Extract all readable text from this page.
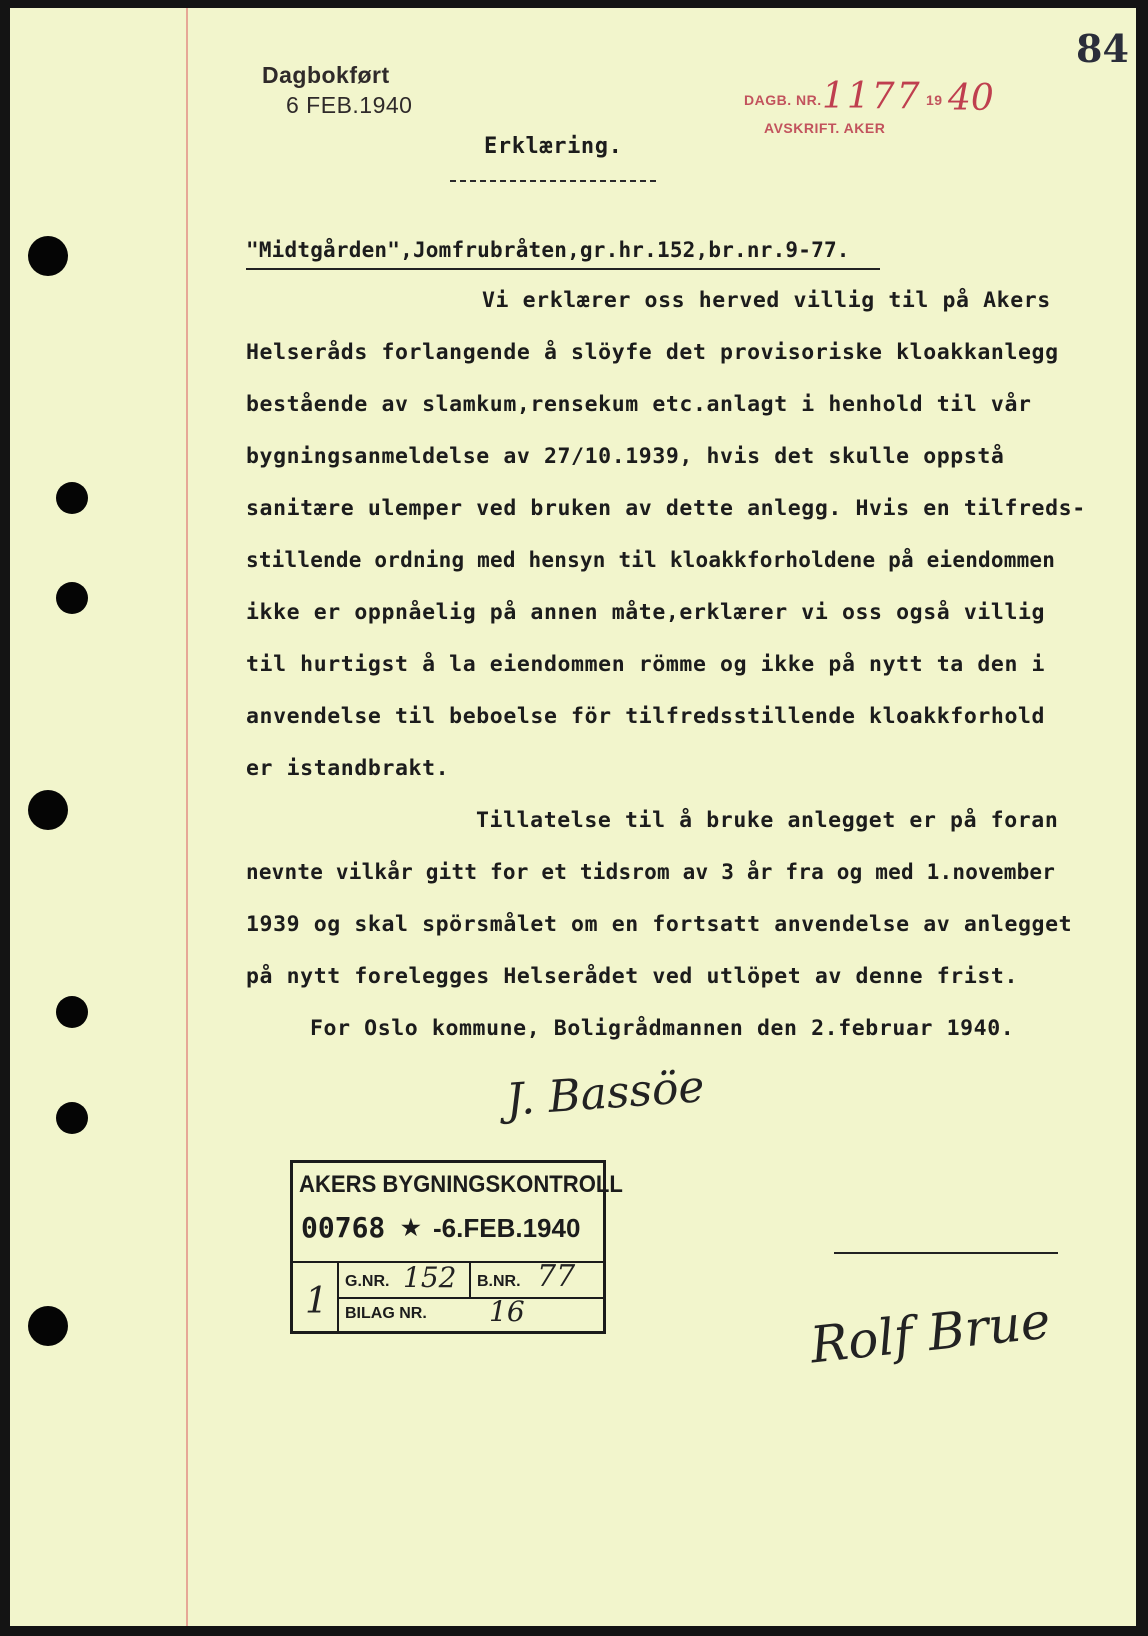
84
Dagbokført
6 FEB.1940	DAGB. NR. 1177 19 40
AVSKRIFT. AKER
Erklæring.
"Midtgården",Jomfrubråten,gr.hr.152,br.nr.9-77.
Vi erklærer oss herved villig til på Akers
Helseråds forlangende å slöyfe det provisoriske kloakkanlegg
bestående av slamkum,rensekum etc.anlagt i henhold til vår
bygningsanmeldelse av 27/10.1939, hvis det skulle oppstå
sanitære ulemper ved bruken av dette anlegg. Hvis en tilfreds-
stillende ordning med hensyn til kloakkforholdene på eiendommen
ikke er oppnåelig på annen måte,erklærer vi oss også villig
til hurtigst å la eiendommen römme og ikke på nytt ta den i
anvendelse til beboelse för tilfredsstillende kloakkforhold
er istandbrakt.
Tillatelse til å bruke anlegget er på foran
nevnte vilkår gitt for et tidsrom av 3 år fra og med 1.november
1939 og skal spörsmålet om en fortsatt anvendelse av anlegget
på nytt forelegges Helserådet ved utlöpet av denne frist.
For Oslo kommune, Boligrådmannen den 2.februar 1940.
J. Bassöe
AKERS BYGNINGSKONTROLL
00768 ★ -6.FEB.1940
G.NR. 152 B.NR. 77
BILAG NR. 16
1	Rolf Brue
